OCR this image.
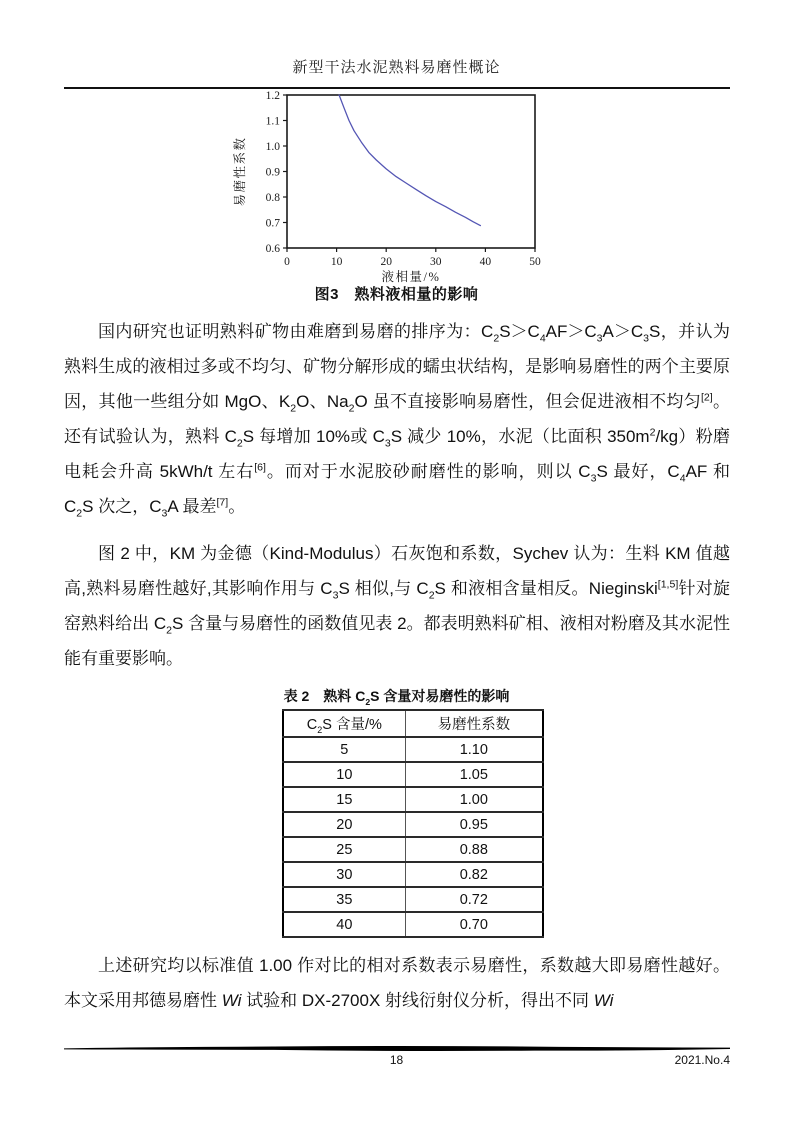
新型干法水泥熟料易磨性概论
0.6
0.7
0.8
0.9
1.0
1.1
1.2
0	10	20	30	40	50
液相量/%
易磨性系数
图3　熟料液相量的影响

国内研究也证明熟料矿物由难磨到易磨的排序为：$C_2S>C_4AF>C_3A>C_3S$，并认为熟料生成的液相过多或不均匀、矿物分解形成的蠕虫状结构，是影响易磨性的两个主要原因，其他一些组分如 MgO、$K_2O$、$Na_2O$ 虽不直接影响易磨性，但会促进液相不均匀[2]。还有试验认为，熟料 $C_2S$ 每增加 10%或 $C_3S$ 减少 10%，水泥（比面积 $350m^2/kg$）粉磨电耗会升高 5kWh/t 左右[6]。而对于水泥胶砂耐磨性的影响，则以 $C_3S$ 最好，$C_4AF$ 和 $C_2S$ 次之，$C_3A$ 最差[7]。

图 2 中，KM 为金德（Kind-Modulus）石灰饱和系数，Sychev 认为：生料 KM 值越高,熟料易磨性越好,其影响作用与 $C_3S$ 相似,与 $C_2S$ 和液相含量相反。Nieginski[1,5]针对旋窑熟料给出 $C_2S$ 含量与易磨性的函数值见表 2。都表明熟料矿相、液相对粉磨及其水泥性能有重要影响。

表 2　熟料 $C_2S$ 含量对易磨性的影响
$C_2S$ 含量/%	易磨性系数
5	1.10
10	1.05
15	1.00
20	0.95
25	0.88
30	0.82
35	0.72
40	0.70

上述研究均以标准值 1.00 作对比的相对系数表示易磨性，系数越大即易磨性越好。本文采用邦德易磨性 Wi 试验和 DX-2700X 射线衍射仪分析，得出不同 Wi

18	2021.No.4
